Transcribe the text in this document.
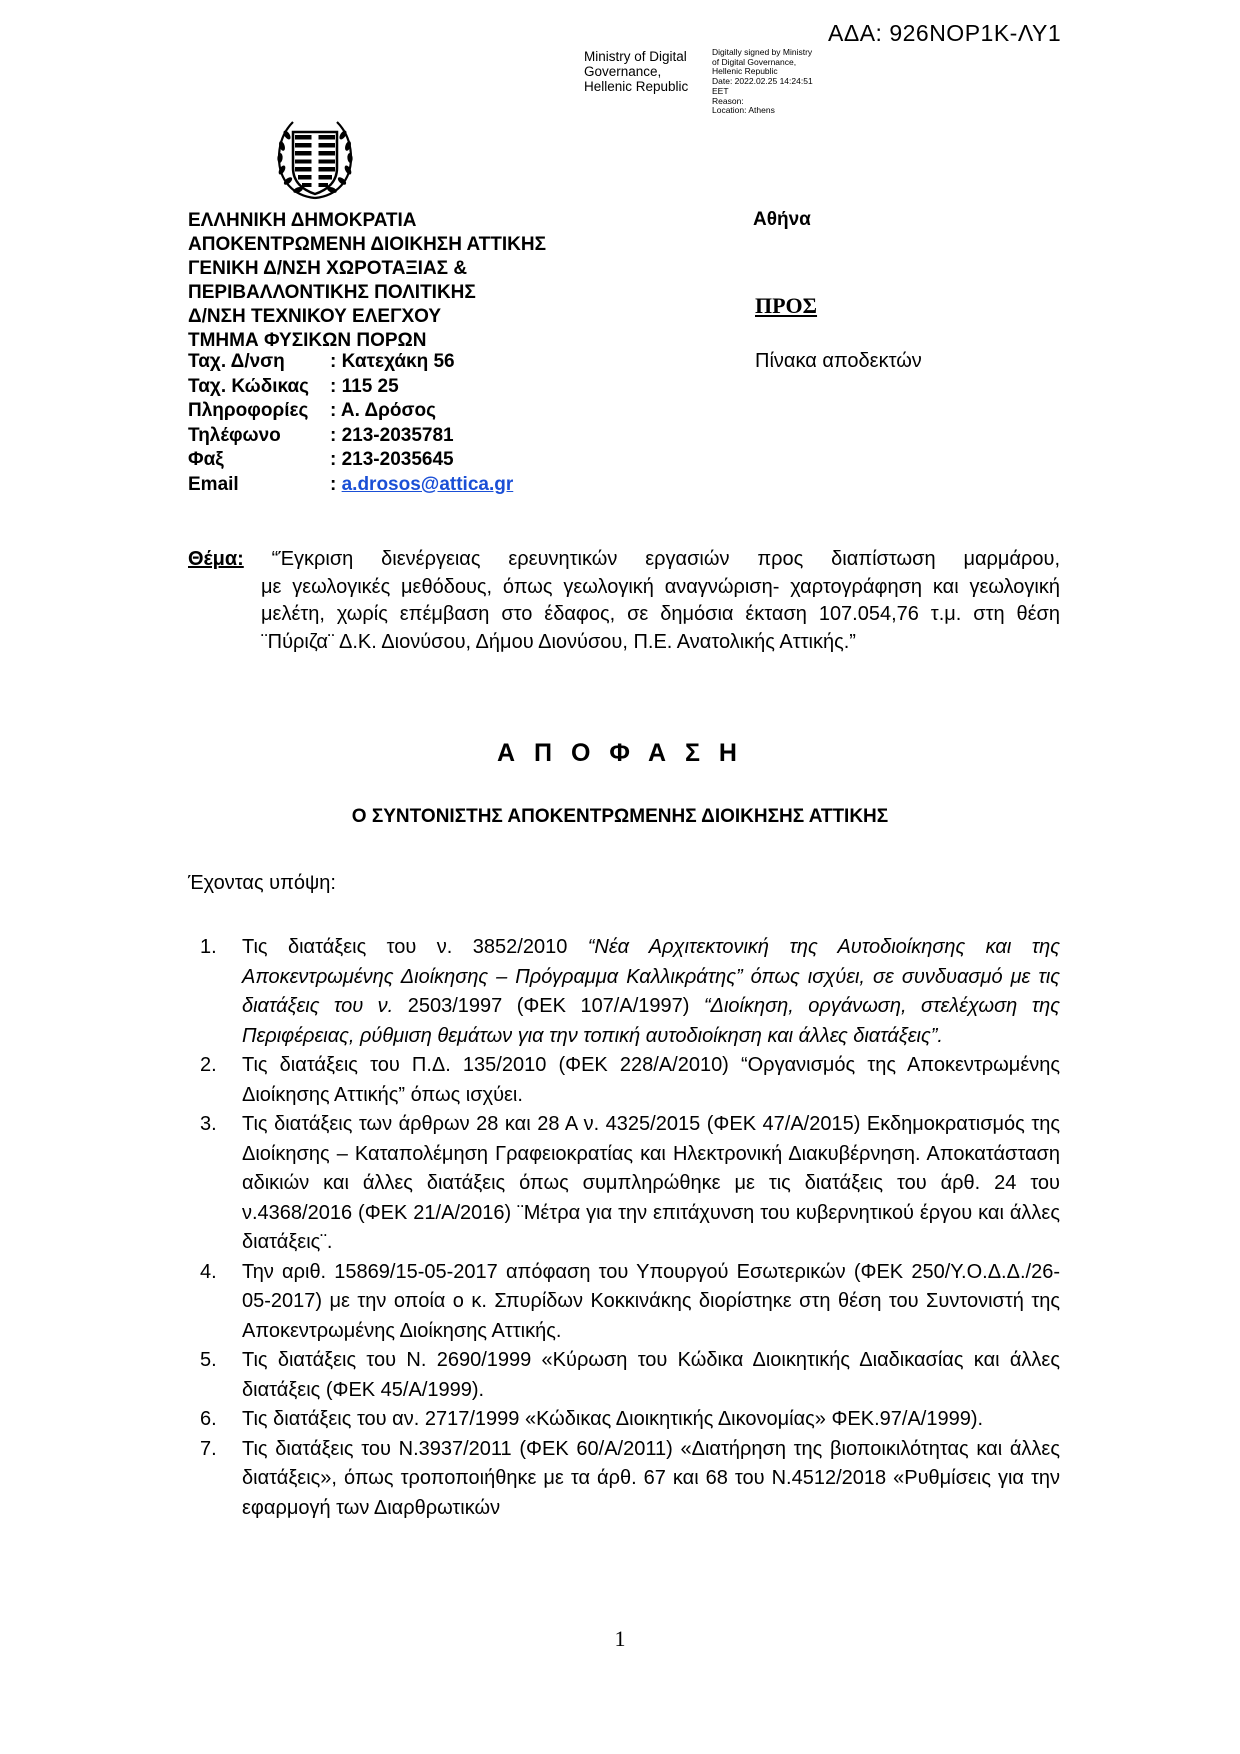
ΑΔΑ: 926ΝΟΡ1Κ-ΛΥ1
Ministry of Digital
Governance,
Hellenic Republic
Digitally signed by Ministry
of Digital Governance,
Hellenic Republic
Date: 2022.02.25 14:24:51
EET
Reason:
Location: Athens
ΕΛΛΗΝΙΚΗ ΔΗΜΟΚΡΑΤΙΑ
ΑΠΟΚΕΝΤΡΩΜΕΝΗ ΔΙΟΙΚΗΣΗ ΑΤΤΙΚΗΣ
ΓΕΝΙΚΗ Δ/ΝΣΗ ΧΩΡΟΤΑΞΙΑΣ &
ΠΕΡΙΒΑΛΛΟΝΤΙΚΗΣ ΠΟΛΙΤΙΚΗΣ
Δ/ΝΣΗ ΤΕΧΝΙΚΟΥ ΕΛΕΓΧΟΥ
ΤΜΗΜΑ ΦΥΣΙΚΩΝ ΠΟΡΩΝ
Ταχ. Δ/νση : Κατεχάκη 56
Ταχ. Κώδικας : 115 25
Πληροφορίες : Α. Δρόσος
Τηλέφωνο	: 213-2035781
Φαξ	: 213-2035645
Email	: a.drosos@attica.gr
Αθήνα
ΠΡΟΣ
Πίνακα αποδεκτών
Θέμα: “Έγκριση διενέργειας ερευνητικών εργασιών προς διαπίστωση μαρμάρου,
με γεωλογικές μεθόδους, όπως γεωλογική αναγνώριση- χαρτογράφηση και γεωλογική μελέτη, χωρίς επέμβαση στο έδαφος, σε δημόσια έκταση 107.054,76 τ.μ. στη θέση ¨Πύριζα¨ Δ.Κ. Διονύσου, Δήμου Διονύσου, Π.Ε. Ανατολικής Αττικής.”
Α Π Ο Φ Α Σ Η
Ο ΣΥΝΤΟΝΙΣΤΗΣ ΑΠΟΚΕΝΤΡΩΜΕΝΗΣ ΔΙΟΙΚΗΣΗΣ ΑΤΤΙΚΗΣ
Έχοντας υπόψη:
1. Τις διατάξεις του ν. 3852/2010 “Νέα Αρχιτεκτονική της Αυτοδιοίκησης και της Αποκεντρωμένης Διοίκησης – Πρόγραμμα Καλλικράτης” όπως ισχύει, σε συνδυασμό με τις διατάξεις του ν. 2503/1997 (ΦΕΚ 107/Α/1997) “Διοίκηση, οργάνωση, στελέχωση της Περιφέρειας, ρύθμιση θεμάτων για την τοπική αυτοδιοίκηση και άλλες διατάξεις”.
2. Τις διατάξεις του Π.Δ. 135/2010 (ΦΕΚ 228/Α/2010) “Οργανισμός της Αποκεντρωμένης Διοίκησης Αττικής” όπως ισχύει.
3. Τις διατάξεις των άρθρων 28 και 28 Α ν. 4325/2015 (ΦΕΚ 47/Α/2015) Εκδημοκρατισμός της Διοίκησης – Καταπολέμηση Γραφειοκρατίας και Ηλεκτρονική Διακυβέρνηση. Αποκατάσταση αδικιών και άλλες διατάξεις όπως συμπληρώθηκε με τις διατάξεις του άρθ. 24 του ν.4368/2016 (ΦΕΚ 21/Α/2016) ¨Μέτρα για την επιτάχυνση του κυβερνητικού έργου και άλλες διατάξεις¨.
4. Την αριθ. 15869/15-05-2017 απόφαση του Υπουργού Εσωτερικών (ΦΕΚ 250/Υ.Ο.Δ.Δ./26-05-2017) με την οποία ο κ. Σπυρίδων Κοκκινάκης διορίστηκε στη θέση του Συντονιστή της Αποκεντρωμένης Διοίκησης Αττικής.
5. Τις διατάξεις του Ν. 2690/1999 «Κύρωση του Κώδικα Διοικητικής Διαδικασίας και άλλες διατάξεις (ΦΕΚ 45/Α/1999).
6. Τις διατάξεις του αν. 2717/1999 «Κώδικας Διοικητικής Δικονομίας» ΦΕΚ.97/Α/1999).
7. Τις διατάξεις του Ν.3937/2011 (ΦΕΚ 60/Α/2011) «Διατήρηση της βιοποικιλότητας και άλλες διατάξεις», όπως τροποποιήθηκε με τα άρθ. 67 και 68 του Ν.4512/2018 «Ρυθμίσεις για την εφαρμογή των Διαρθρωτικών
1
